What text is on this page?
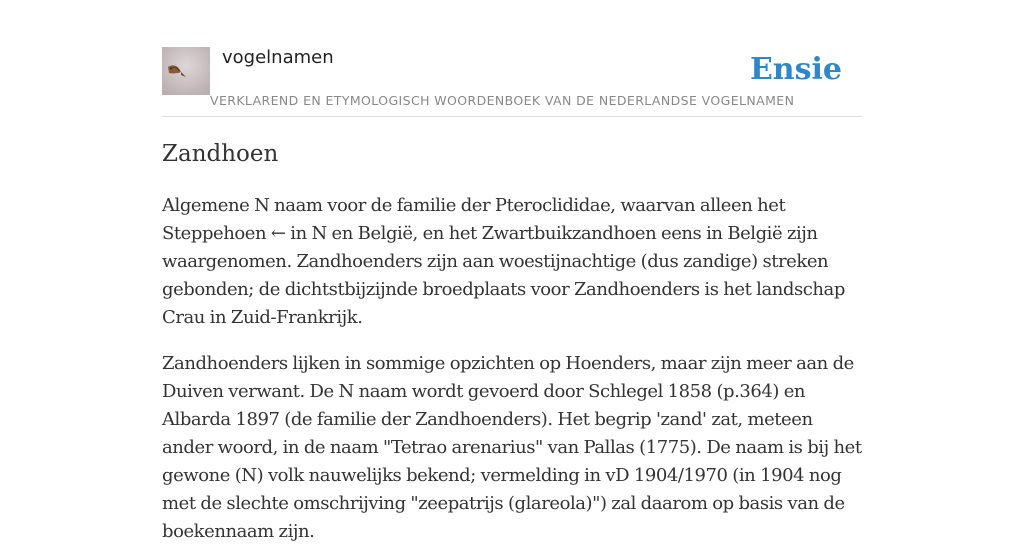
vogelnamen
VERKLAREND EN ETYMOLOGISCH WOORDENBOEK VAN DE NEDERLANDSE VOGELNAMEN
Ensie
Zandhoen

Algemene N naam voor de familie der Pteroclididae, waarvan alleen het Steppehoen ← in N en België, en het Zwartbuikzandhoen eens in België zijn waargenomen. Zandhoenders zijn aan woestijnachtige (dus zandige) streken gebonden; de dichtstbijzijnde broedplaats voor Zandhoenders is het landschap Crau in Zuid-Frankrijk.

Zandhoenders lijken in sommige opzichten op Hoenders, maar zijn meer aan de Duiven verwant. De N naam wordt gevoerd door Schlegel 1858 (p.364) en Albarda 1897 (de familie der Zandhoenders). Het begrip 'zand' zat, meteen ander woord, in de naam "Tetrao arenarius" van Pallas (1775). De naam is bij het gewone (N) volk nauwelijks bekend; vermelding in vD 1904/1970 (in 1904 nog met de slechte omschrijving "zeepatrijs (glareola)") zal daarom op basis van de boekennaam zijn.
